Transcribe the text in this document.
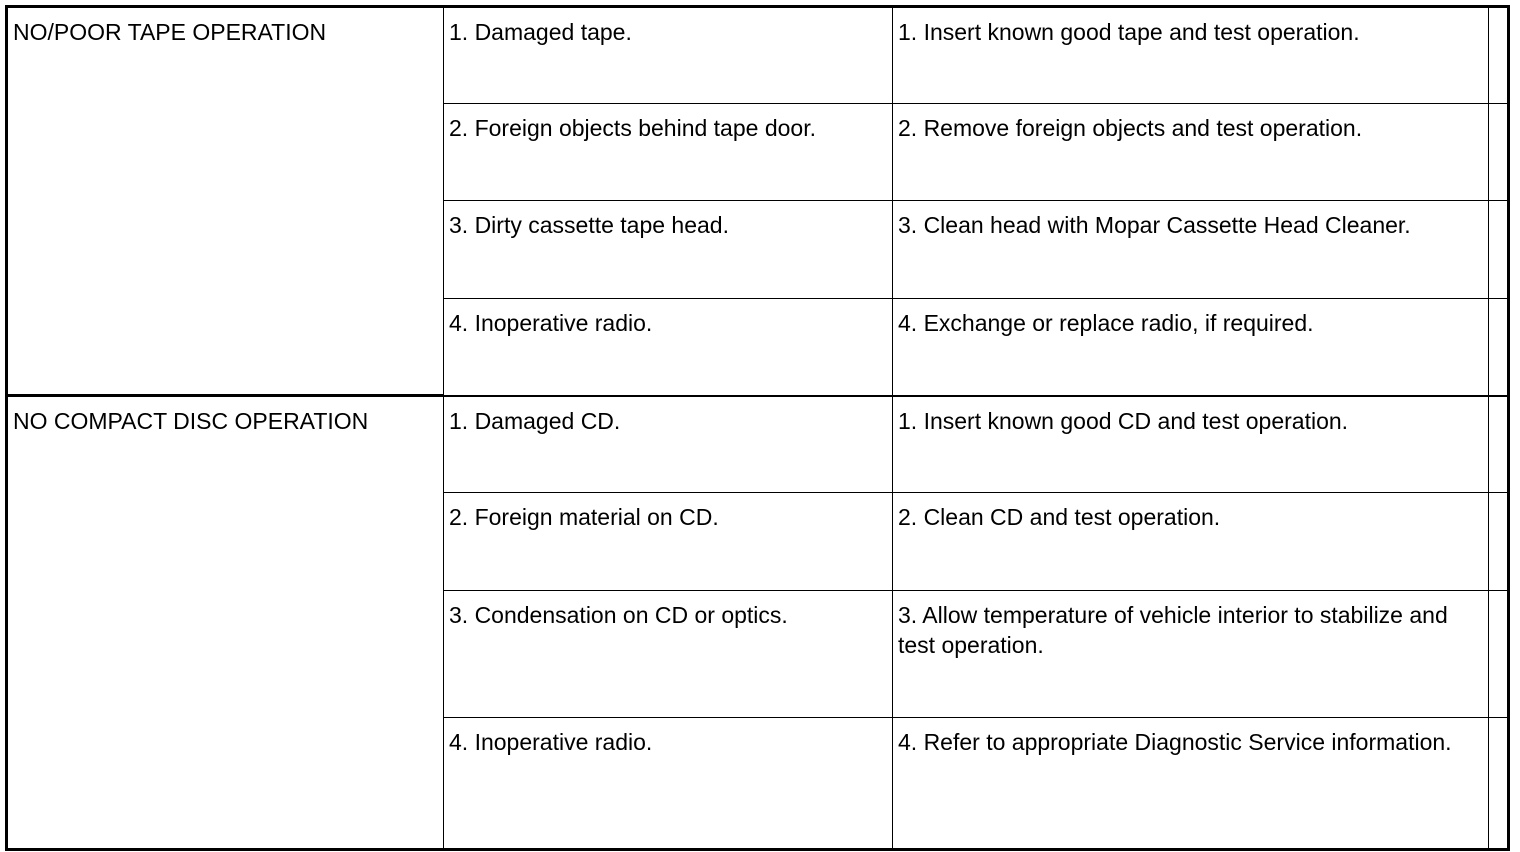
NO/POOR TAPE OPERATION	1. Damaged tape.	1. Insert known good tape and test operation.	
	2. Foreign objects behind tape door.	2. Remove foreign objects and test operation.	
	3. Dirty cassette tape head.	3. Clean head with Mopar Cassette Head Cleaner.	
	4. Inoperative radio.	4. Exchange or replace radio, if required.	
NO COMPACT DISC OPERATION	1. Damaged CD.	1. Insert known good CD and test operation.	
	2. Foreign material on CD.	2. Clean CD and test operation.	
	3. Condensation on CD or optics.	3. Allow temperature of vehicle interior to stabilize and test operation.	
	4. Inoperative radio.	4. Refer to appropriate Diagnostic Service information.	
